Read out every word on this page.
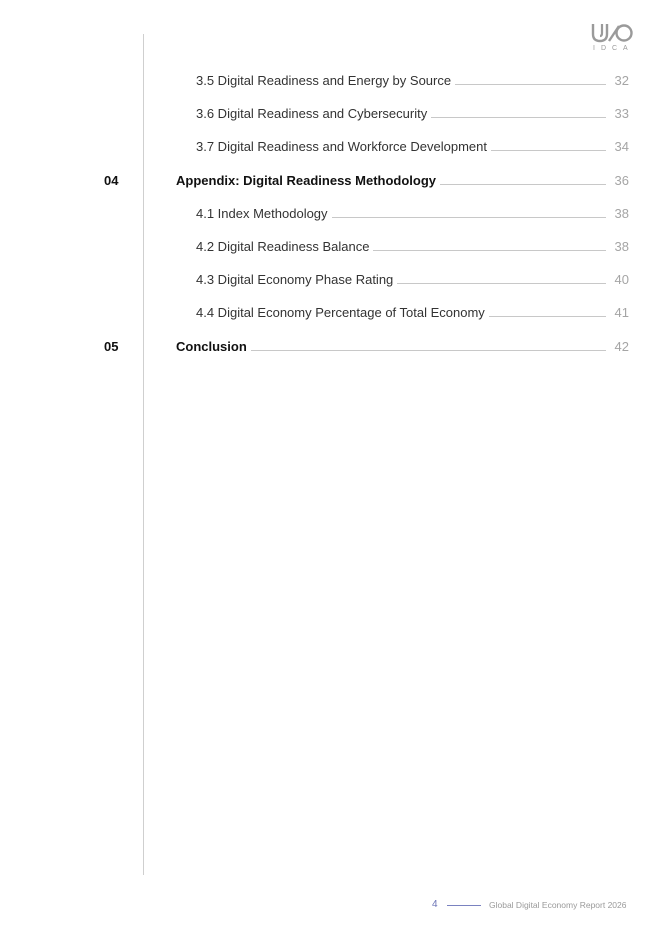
IDCA
3.5 Digital Readiness and Energy by Source	32
3.6 Digital Readiness and Cybersecurity	33
3.7 Digital Readiness and Workforce Development	34
04	Appendix: Digital Readiness Methodology	36
4.1 Index Methodology	38
4.2 Digital Readiness Balance	38
4.3 Digital Economy Phase Rating	40
4.4 Digital Economy Percentage of Total Economy	41
05	Conclusion	42
4	Global Digital Economy Report 2026
